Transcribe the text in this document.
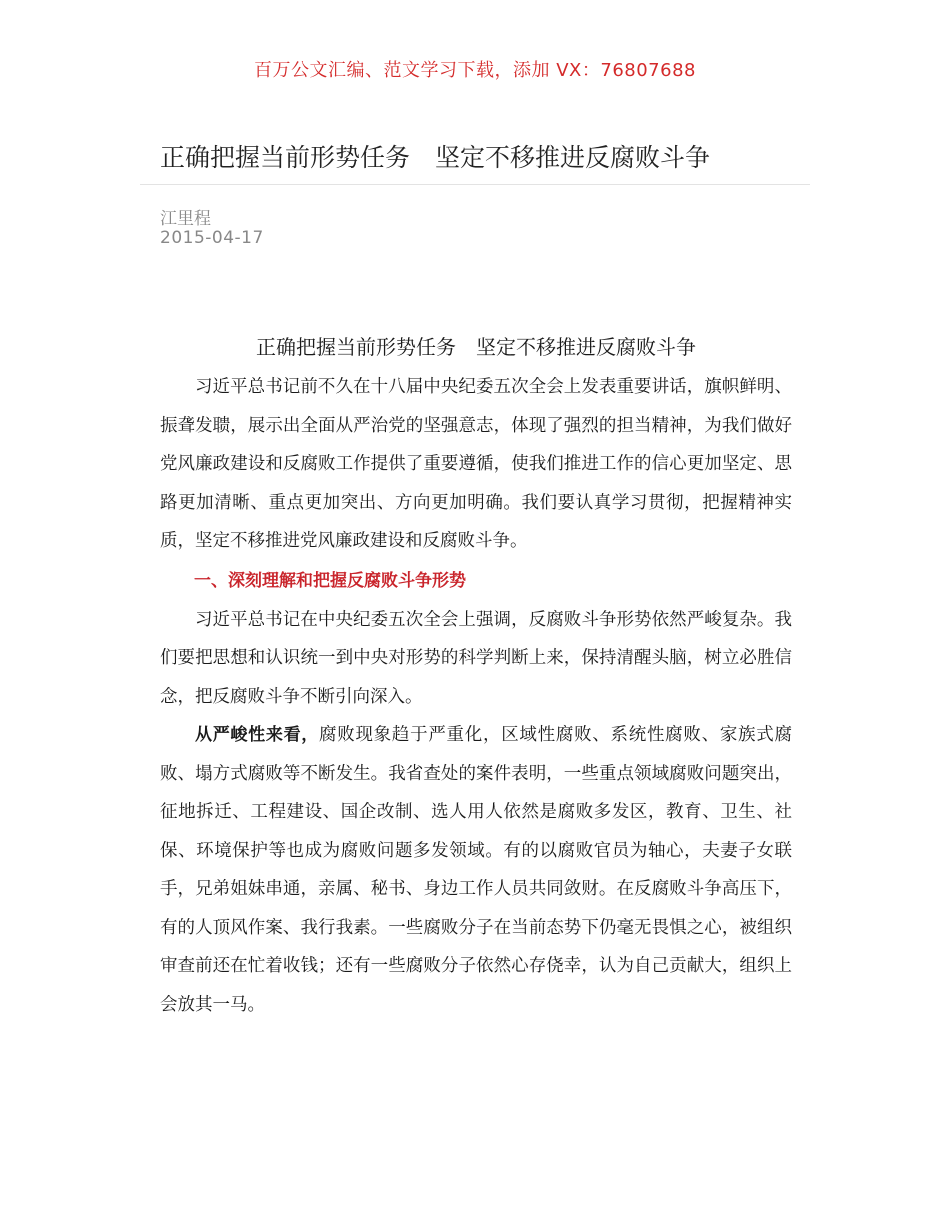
百万公文汇编、范文学习下载，添加 VX：76807688
正确把握当前形势任务　坚定不移推进反腐败斗争
江里程
2015-04-17
正确把握当前形势任务　坚定不移推进反腐败斗争

习近平总书记前不久在十八届中央纪委五次全会上发表重要讲话，旗帜鲜明、振聋发聩，展示出全面从严治党的坚强意志，体现了强烈的担当精神，为我们做好党风廉政建设和反腐败工作提供了重要遵循，使我们推进工作的信心更加坚定、思路更加清晰、重点更加突出、方向更加明确。我们要认真学习贯彻，把握精神实质，坚定不移推进党风廉政建设和反腐败斗争。

一、深刻理解和把握反腐败斗争形势

习近平总书记在中央纪委五次全会上强调，反腐败斗争形势依然严峻复杂。我们要把思想和认识统一到中央对形势的科学判断上来，保持清醒头脑，树立必胜信念，把反腐败斗争不断引向深入。

从严峻性来看，腐败现象趋于严重化，区域性腐败、系统性腐败、家族式腐败、塌方式腐败等不断发生。我省查处的案件表明，一些重点领域腐败问题突出，征地拆迁、工程建设、国企改制、选人用人依然是腐败多发区，教育、卫生、社保、环境保护等也成为腐败问题多发领域。有的以腐败官员为轴心，夫妻子女联手，兄弟姐妹串通，亲属、秘书、身边工作人员共同敛财。在反腐败斗争高压下，有的人顶风作案、我行我素。一些腐败分子在当前态势下仍毫无畏惧之心，被组织审查前还在忙着收钱；还有一些腐败分子依然心存侥幸，认为自己贡献大，组织上会放其一马。
